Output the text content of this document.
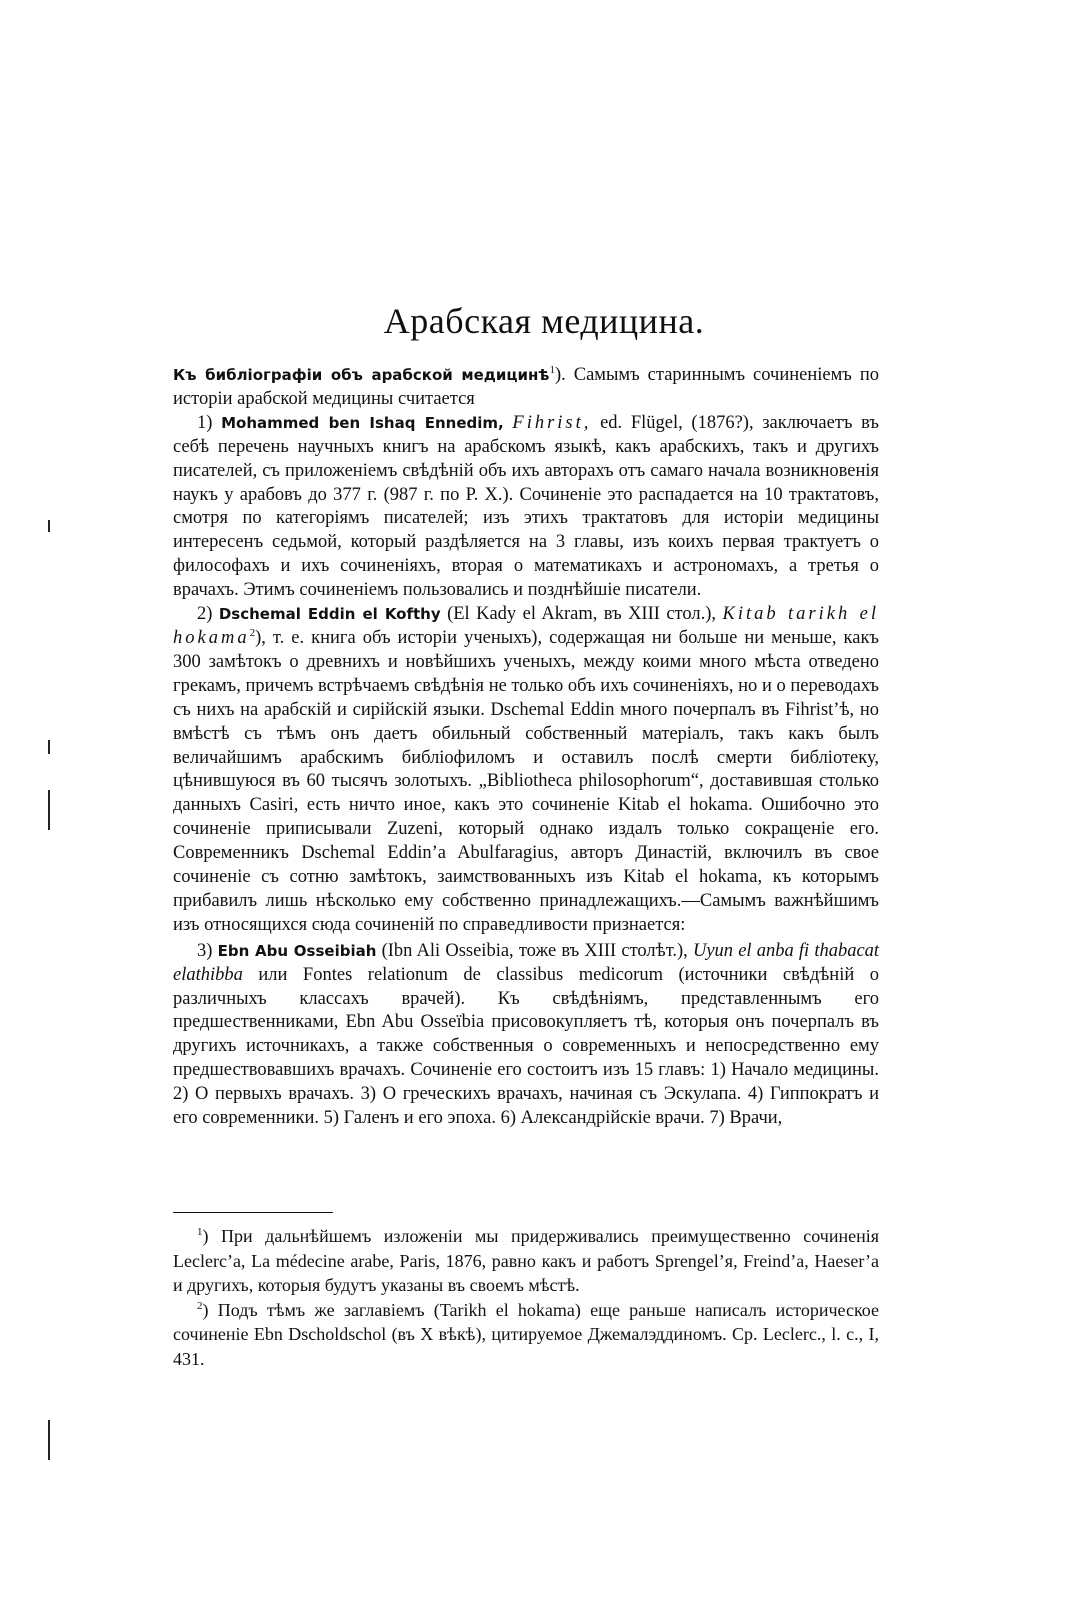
Арабская медицина.

Къ библіографіи объ арабской медицинѣ$^1$). Самымъ стариннымъ сочиненіемъ по исторіи арабской медицины считается

1) Mohammed ben Ishaq Ennedim, Fihrist, ed. Flügel, (1876?), заключаетъ въ себѣ перечень научныхъ книгъ на арабскомъ языкѣ, какъ арабскихъ, такъ и другихъ писателей, съ приложеніемъ свѣдѣній объ ихъ авторахъ отъ самаго начала возникновенія наукъ у арабовъ до 377 г. (987 г. по Р. Х.). Сочиненіе это распадается на 10 трактатовъ, смотря по категоріямъ писателей; изъ этихъ трактатовъ для исторіи медицины интересенъ седьмой, который раздѣляется на 3 главы, изъ коихъ первая трактуетъ о философахъ и ихъ сочиненіяхъ, вторая о математикахъ и астрономахъ, а третья о врачахъ. Этимъ сочиненіемъ пользовались и позднѣйшіе писатели.

2) Dschemal Eddin el Kofthy (El Kady el Akram, въ XIII стол.), Kitab tarikh el hokama$^2$), т. е. книга объ исторіи ученыхъ), содержащая ни больше ни меньше, какъ 300 замѣтокъ о древнихъ и новѣйшихъ ученыхъ, между коими много мѣста отведено грекамъ, причемъ встрѣчаемъ свѣдѣнія не только объ ихъ сочиненіяхъ, но и о переводахъ съ нихъ на арабскій и сирійскій языки. Dschemal Eddin много почерпалъ въ Fihrist’ѣ, но вмѣстѣ съ тѣмъ онъ даетъ обильный собственный матеріалъ, такъ какъ былъ величайшимъ арабскимъ библіофиломъ и оставилъ послѣ смерти библіотеку, цѣнившуюся въ 60 тысячъ золотыхъ. „Bibliotheca philosophorum“, доставившая столько данныхъ Casiri, есть ничто иное, какъ это сочиненіе Kitab el hokama. Ошибочно это сочиненіе приписывали Zuzeni, который однако издалъ только сокращеніе его. Современникъ Dschemal Eddin’a Abulfaragius, авторъ Династій, включилъ въ свое сочиненіе съ сотню замѣтокъ, заимствованныхъ изъ Kitab el hokama, къ которымъ прибавилъ лишь нѣсколько ему собственно принадлежащихъ.—Самымъ важнѣйшимъ изъ относящихся сюда сочиненій по справедливости признается:

3) Ebn Abu Osseibiah (Ibn Ali Osseibia, тоже въ XIII столѣт.), Uyun el anba fi thabacat elathibba или Fontes relationum de classibus medicorum (источники свѣдѣній о различныхъ классахъ врачей). Къ свѣдѣніямъ, представленнымъ его предшественниками, Ebn Abu Osseïbia присовокупляетъ тѣ, которыя онъ почерпалъ въ другихъ источникахъ, а также собственныя о современныхъ и непосредственно ему предшествовавшихъ врачахъ. Сочиненіе его состоитъ изъ 15 главъ: 1) Начало медицины. 2) О первыхъ врачахъ. 3) О греческихъ врачахъ, начиная съ Эскулапа. 4) Гиппократъ и его современники. 5) Галенъ и его эпоха. 6) Александрійскіе врачи. 7) Врачи,

$^1$) При дальнѣйшемъ изложеніи мы придерживались преимущественно сочиненія Leclerc’a, La médecine arabe, Paris, 1876, равно какъ и работъ Sprengel’я, Freind’a, Haeser’a и другихъ, которыя будутъ указаны въ своемъ мѣстѣ.

$^2$) Подъ тѣмъ же заглавіемъ (Tarikh el hokama) еще раньше написалъ историческое сочиненіе Ebn Dscholdschol (въ X вѣкѣ), цитируемое Джемалэддиномъ. Ср. Leclerc., l. c., I, 431.
